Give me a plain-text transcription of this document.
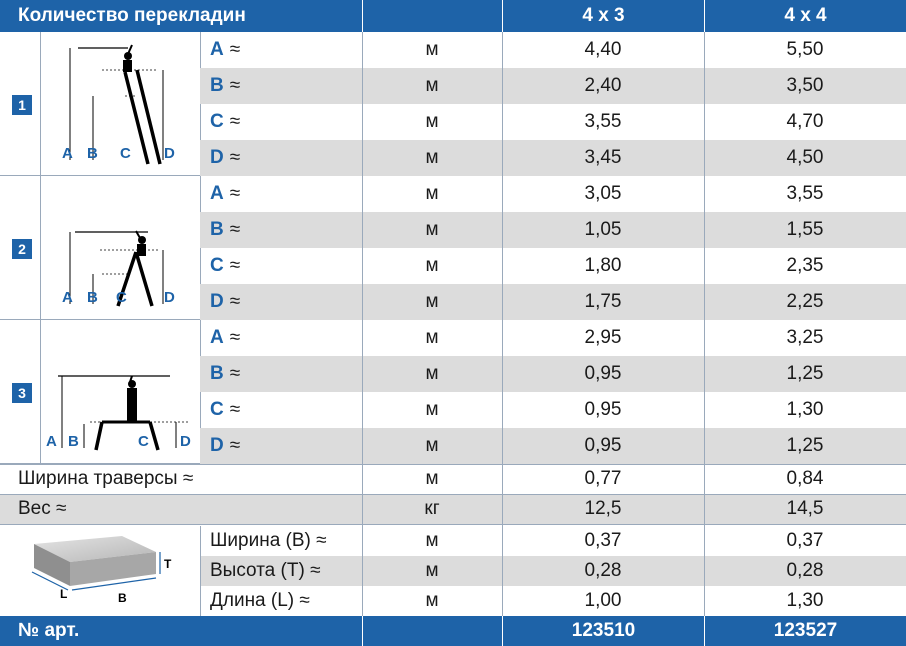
Количество перекладин	4 x 3	4 x 4
A ≈	м	4,40	5,50
B ≈	м	2,40	3,50
C ≈	м	3,55	4,70
D ≈	м	3,45	4,50
A ≈	м	3,05	3,55
B ≈	м	1,05	1,55
C ≈	м	1,80	2,35
D ≈	м	1,75	2,25
A ≈	м	2,95	3,25
B ≈	м	0,95	1,25
C ≈	м	0,95	1,30
D ≈	м	0,95	1,25
1
A B C D
2
A B C D
3
A B	C D
Ширина траверсы ≈	м	0,77	0,84
Вес ≈	кг	12,5	14,5
Ширина (B) ≈	м	0,37	0,37
Высота (T) ≈	м	0,28	0,28
Длина (L) ≈	м	1,00	1,30
T
L	B
№ арт.	123510	123527
